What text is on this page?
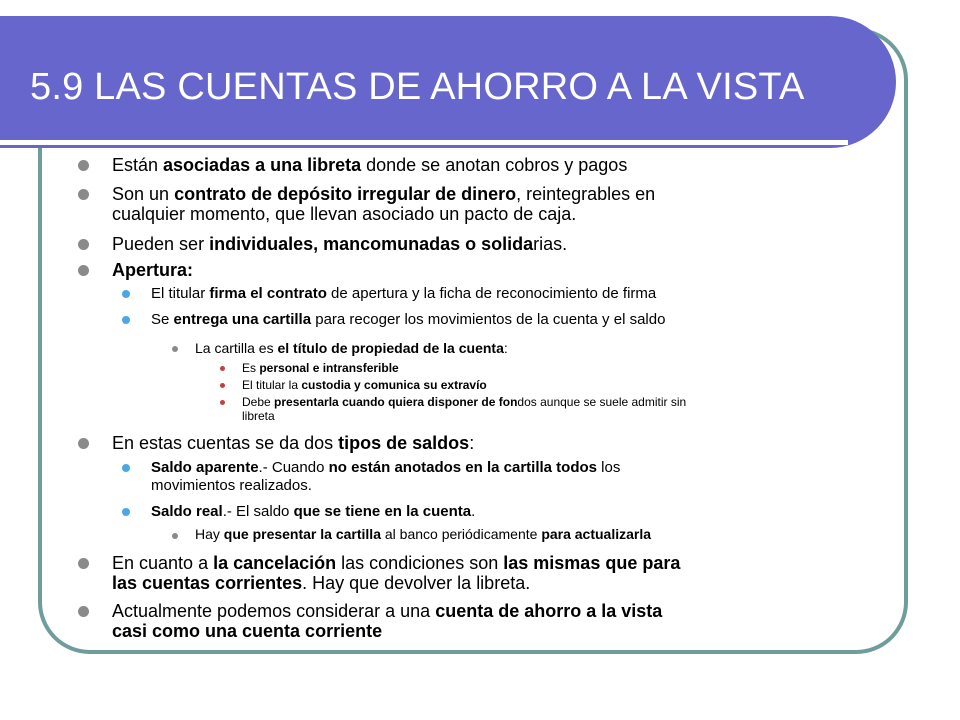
5.9 LAS CUENTAS DE AHORRO A LA VISTA
Están asociadas a una libreta donde se anotan cobros y pagos
Son un contrato de depósito irregular de dinero, reintegrables en
cualquier momento, que llevan asociado un pacto de caja.
Pueden ser individuales, mancomunadas o solidarias.
Apertura:
El titular firma el contrato de apertura y la ficha de reconocimiento de firma
Se entrega una cartilla para recoger los movimientos de la cuenta y el saldo
La cartilla es el título de propiedad de la cuenta:
Es personal e intransferible
El titular la custodia y comunica su extravío
Debe presentarla cuando quiera disponer de fondos aunque se suele admitir sin
libreta
En estas cuentas se da dos tipos de saldos:
Saldo aparente.- Cuando no están anotados en la cartilla todos los
movimientos realizados.
Saldo real.- El saldo que se tiene en la cuenta.
Hay que presentar la cartilla al banco periódicamente para actualizarla
En cuanto a la cancelación las condiciones son las mismas que para
las cuentas corrientes. Hay que devolver la libreta.
Actualmente podemos considerar a una cuenta de ahorro a la vista
casi como una cuenta corriente
